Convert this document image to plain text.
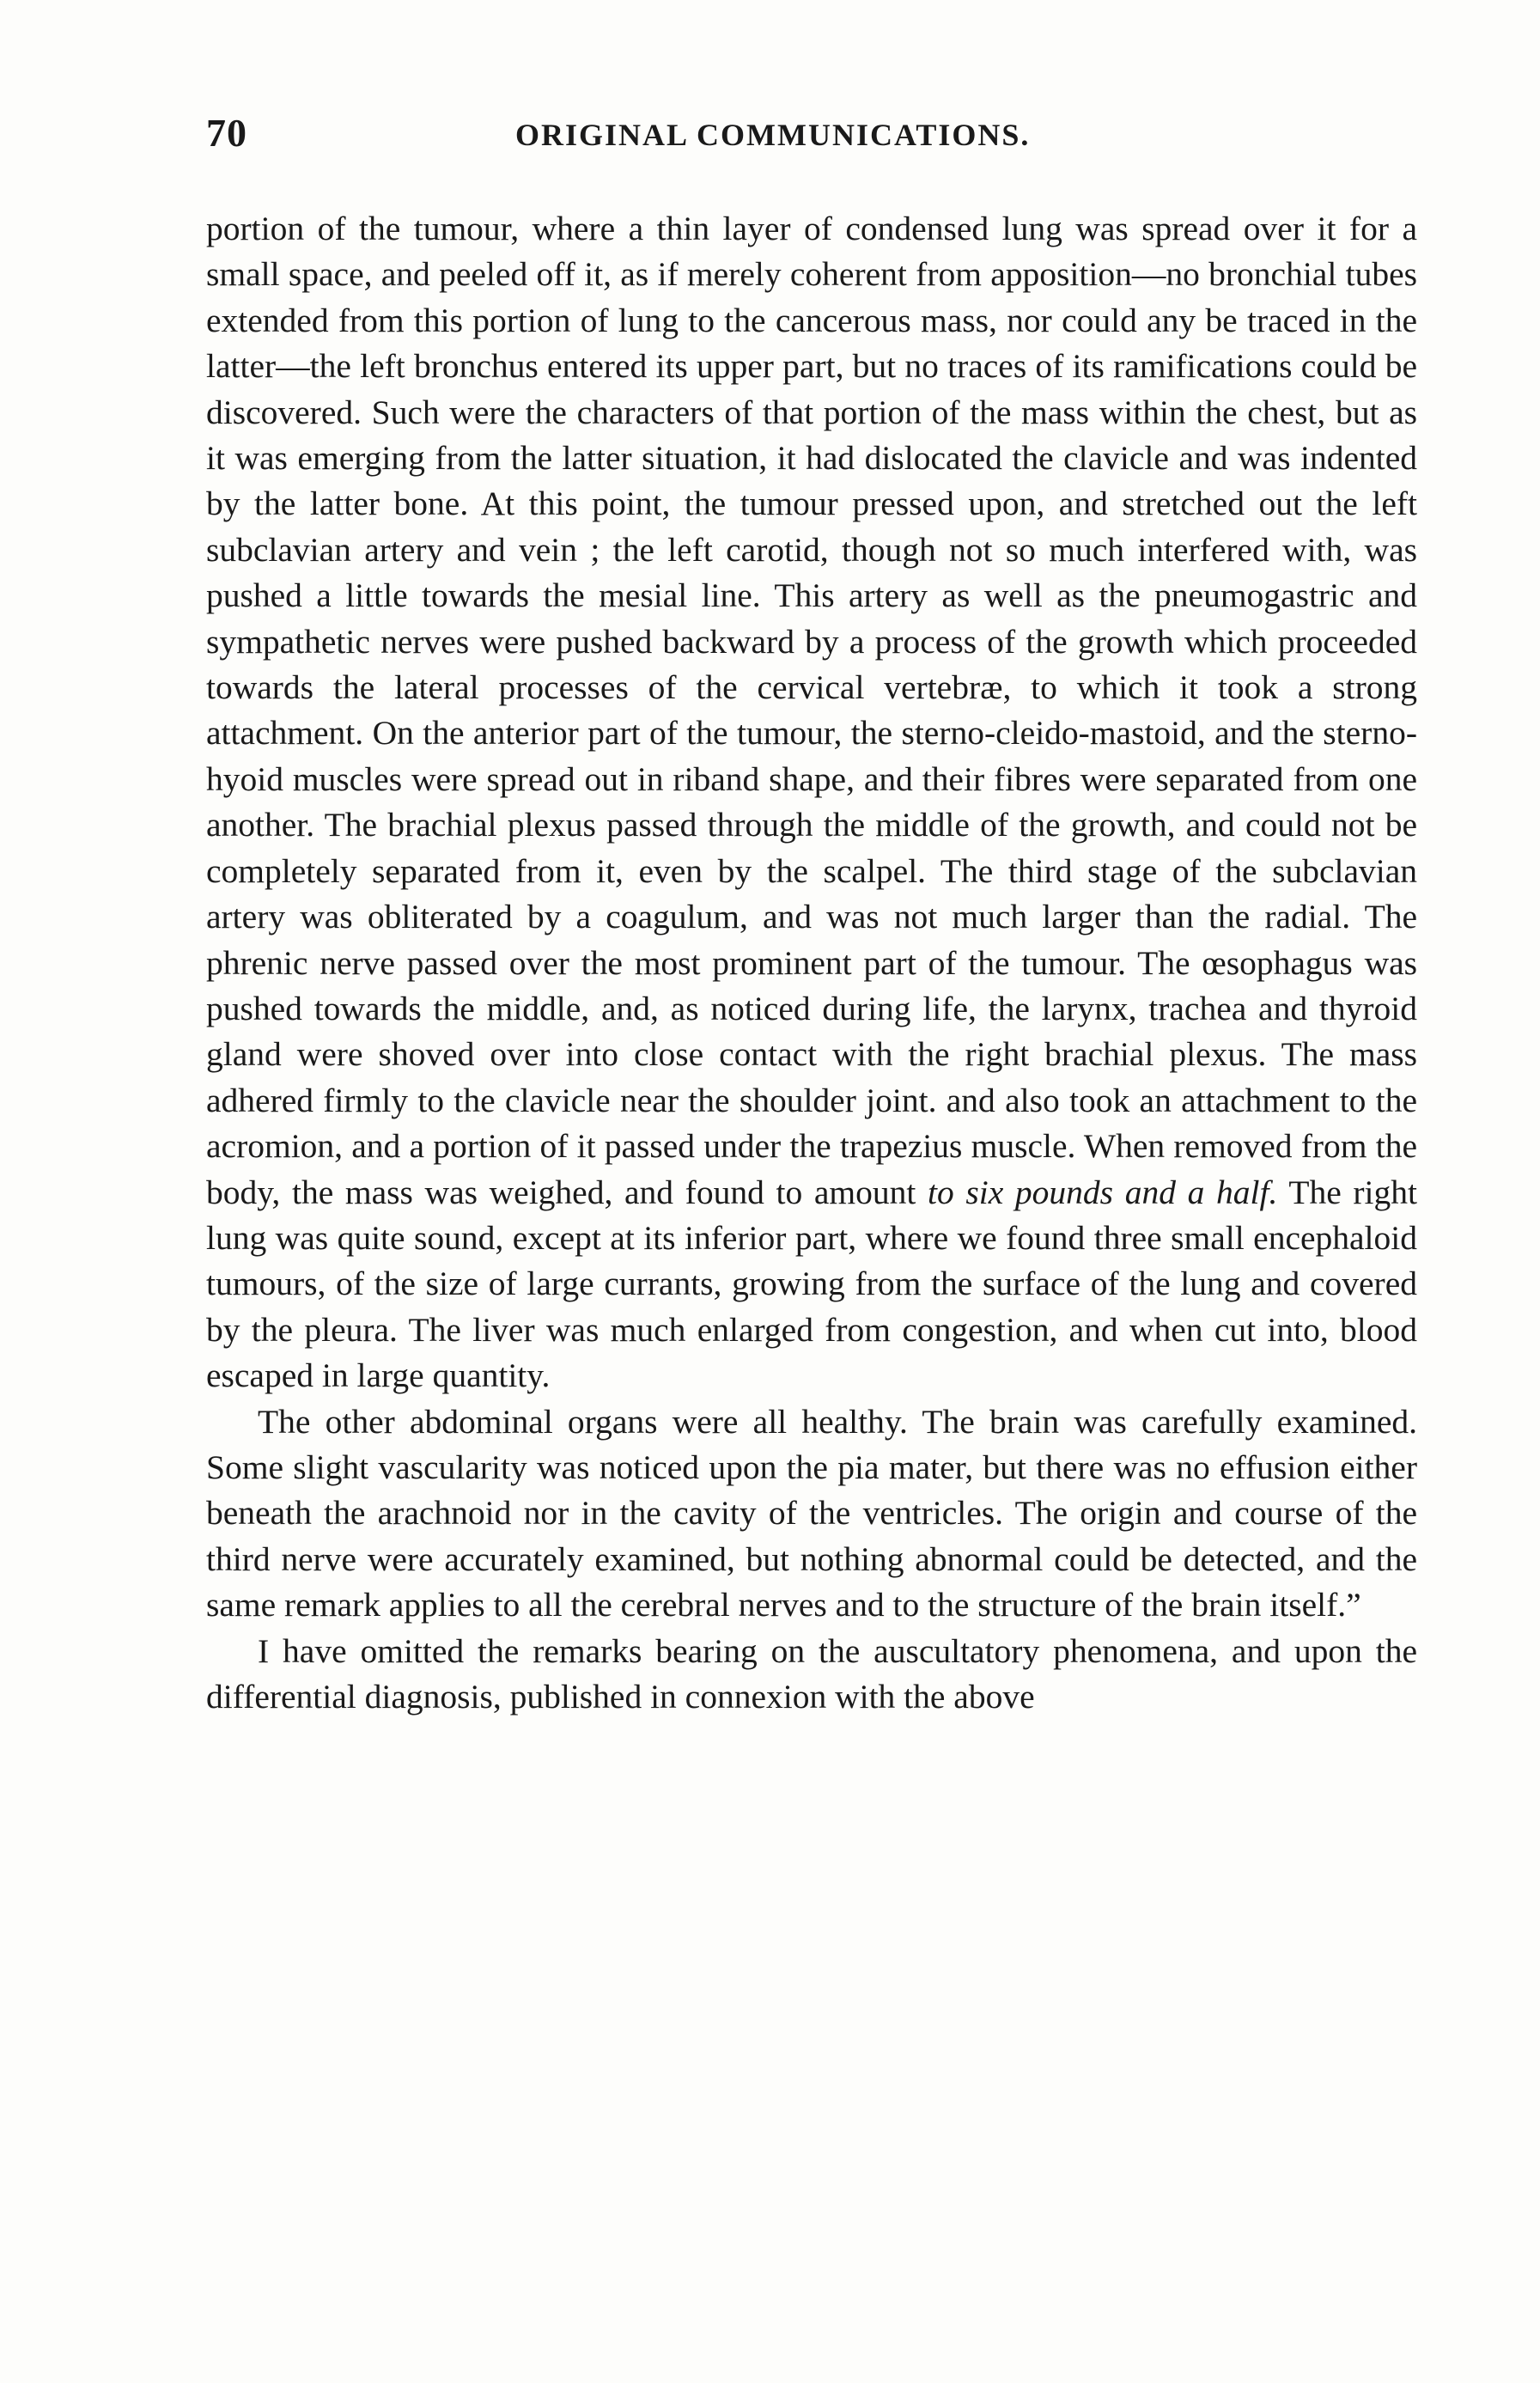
70	ORIGINAL COMMUNICATIONS.

portion of the tumour, where a thin layer of condensed lung was spread over it for a small space, and peeled off it, as if merely coherent from apposition—no bronchial tubes extended from this portion of lung to the cancerous mass, nor could any be traced in the latter—the left bronchus entered its upper part, but no traces of its ramifications could be discovered. Such were the characters of that portion of the mass within the chest, but as it was emerging from the latter situation, it had dislocated the clavicle and was indented by the latter bone. At this point, the tumour pressed upon, and stretched out the left subclavian artery and vein ; the left carotid, though not so much interfered with, was pushed a little towards the mesial line. This artery as well as the pneumogastric and sympathetic nerves were pushed backward by a process of the growth which proceeded towards the lateral processes of the cervical vertebræ, to which it took a strong attachment. On the anterior part of the tumour, the sterno-cleido-mastoid, and the sterno-hyoid muscles were spread out in riband shape, and their fibres were separated from one another. The brachial plexus passed through the middle of the growth, and could not be completely separated from it, even by the scalpel. The third stage of the subclavian artery was obliterated by a coagulum, and was not much larger than the radial. The phrenic nerve passed over the most prominent part of the tumour. The œsophagus was pushed towards the middle, and, as noticed during life, the larynx, trachea and thyroid gland were shoved over into close contact with the right brachial plexus. The mass adhered firmly to the clavicle near the shoulder joint. and also took an attachment to the acromion, and a portion of it passed under the trapezius muscle. When removed from the body, the mass was weighed, and found to amount to six pounds and a half. The right lung was quite sound, except at its inferior part, where we found three small encephaloid tumours, of the size of large currants, growing from the surface of the lung and covered by the pleura. The liver was much enlarged from congestion, and when cut into, blood escaped in large quantity.

The other abdominal organs were all healthy. The brain was carefully examined. Some slight vascularity was noticed upon the pia mater, but there was no effusion either beneath the arachnoid nor in the cavity of the ventricles. The origin and course of the third nerve were accurately examined, but nothing abnormal could be detected, and the same remark applies to all the cerebral nerves and to the structure of the brain itself.”

I have omitted the remarks bearing on the auscultatory phenomena, and upon the differential diagnosis, published in connexion with the above
